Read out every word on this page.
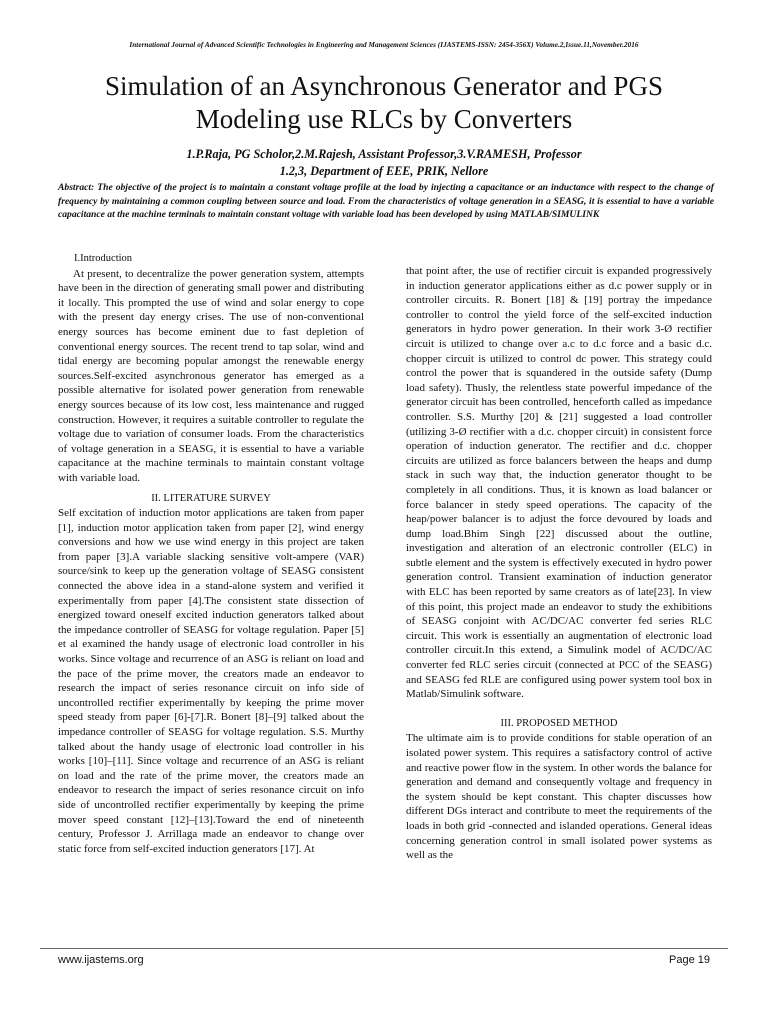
International Journal of Advanced Scientific Technologies in Engineering and Management Sciences (IJASTEMS-ISSN: 2454-356X) Volume.2,Issue.11,November.2016
Simulation of an Asynchronous Generator and PGS
Modeling use RLCs by Converters
1.P.Raja, PG Scholor,2.M.Rajesh, Assistant Professor,3.V.RAMESH, Professor
1.2,3, Department of EEE, PRIK, Nellore
Abstract: The objective of the project is to maintain a constant voltage profile at the load by injecting a capacitance or an inductance with respect to the change of frequency by maintaining a common coupling between source and load. From the characteristics of voltage generation in a SEASG, it is essential to have a variable capacitance at the machine terminals to maintain constant voltage with variable load has been developed by using MATLAB/SIMULINK
I.Introduction

At present, to decentralize the power generation system, attempts have been in the direction of generating small power and distributing it locally. This prompted the use of wind and solar energy to cope with the present day energy crises. The use of non-conventional energy sources has become eminent due to fast depletion of conventional energy sources. The recent trend to tap solar, wind and tidal energy are becoming popular amongst the renewable energy sources.Self-excited asynchronous generator has emerged as a possible alternative for isolated power generation from renewable energy sources because of its low cost, less maintenance and rugged construction. However, it requires a suitable controller to regulate the voltage due to variation of consumer loads. From the characteristics of voltage generation in a SEASG, it is essential to have a variable capacitance at the machine terminals to maintain constant voltage with variable load.

II. LITERATURE SURVEY

Self excitation of induction motor applications are taken from paper [1], induction motor application taken from paper [2], wind energy conversions and how we use wind energy in this project are taken from paper [3].A variable slacking sensitive volt-ampere (VAR) source/sink to keep up the generation voltage of SEASG consistent connected the above idea in a stand-alone system and verified it experimentally from paper [4].The consistent state dissection of energized toward oneself excited induction generators talked about the impedance controller of SEASG for voltage regulation. Paper [5] et al examined the handy usage of electronic load controller in his works. Since voltage and recurrence of an ASG is reliant on load and the pace of the prime mover, the creators made an endeavor to research the impact of series resonance circuit on info side of uncontrolled rectifier experimentally by keeping the prime mover speed steady from paper [6]-[7].R. Bonert [8]–[9] talked about the impedance controller of SEASG for voltage regulation. S.S. Murthy talked about the handy usage of electronic load controller in his works [10]–[11]. Since voltage and recurrence of an ASG is reliant on load and the rate of the prime mover, the creators made an endeavor to research the impact of series resonance circuit on info side of uncontrolled rectifier experimentally by keeping the prime mover speed constant [12]–[13].Toward the end of nineteenth century, Professor J. Arrillaga made an endeavor to change over static force from self-excited induction generators [17]. At

that point after, the use of rectifier circuit is expanded progressively in induction generator applications either as d.c power supply or in controller circuits. R. Bonert [18] & [19] portray the impedance controller to control the yield force of the self-excited induction generators in hydro power generation. In their work 3-Ø rectifier circuit is utilized to change over a.c to d.c force and a basic d.c. chopper circuit is utilized to control dc power. This strategy could control the power that is squandered in the outside safety (Dump load safety). Thusly, the relentless state powerful impedance of the generator circuit has been controlled, henceforth called as impedance controller. S.S. Murthy [20] & [21] suggested a load controller (utilizing 3-Ø rectifier with a d.c. chopper circuit) in consistent force operation of induction generator. The rectifier and d.c. chopper circuits are utilized as force balancers between the heaps and dump stack in such way that, the induction generator thought to be completely in all conditions. Thus, it is known as load balancer or force balancer in stedy speed operations. The capacity of the heap/power balancer is to adjust the force devoured by loads and dump load.Bhim Singh [22] discussed about the outline, investigation and alteration of an electronic controller (ELC) in subtle element and the system is effectively executed in hydro power generation control. Transient examination of induction generator with ELC has been reported by same creators as of late[23]. In view of this point, this project made an endeavor to study the exhibitions of SEASG conjoint with AC/DC/AC converter fed series RLC circuit. This work is essentially an augmentation of electronic load controller circuit.In this extend, a Simulink model of AC/DC/AC converter fed RLC series circuit (connected at PCC of the SEASG) and SEASG fed RLE are configured using power system tool box in Matlab/Simulink software.

III. PROPOSED METHOD

The ultimate aim is to provide conditions for stable operation of an isolated power system. This requires a satisfactory control of active and reactive power flow in the system. In other words the balance for generation and demand and consequently voltage and frequency in the system should be kept constant. This chapter discusses how different DGs interact and contribute to meet the requirements of the loads in both grid -connected and islanded operations. General ideas concerning generation control in small isolated power systems as well as the

www.ijastems.org	Page 19
